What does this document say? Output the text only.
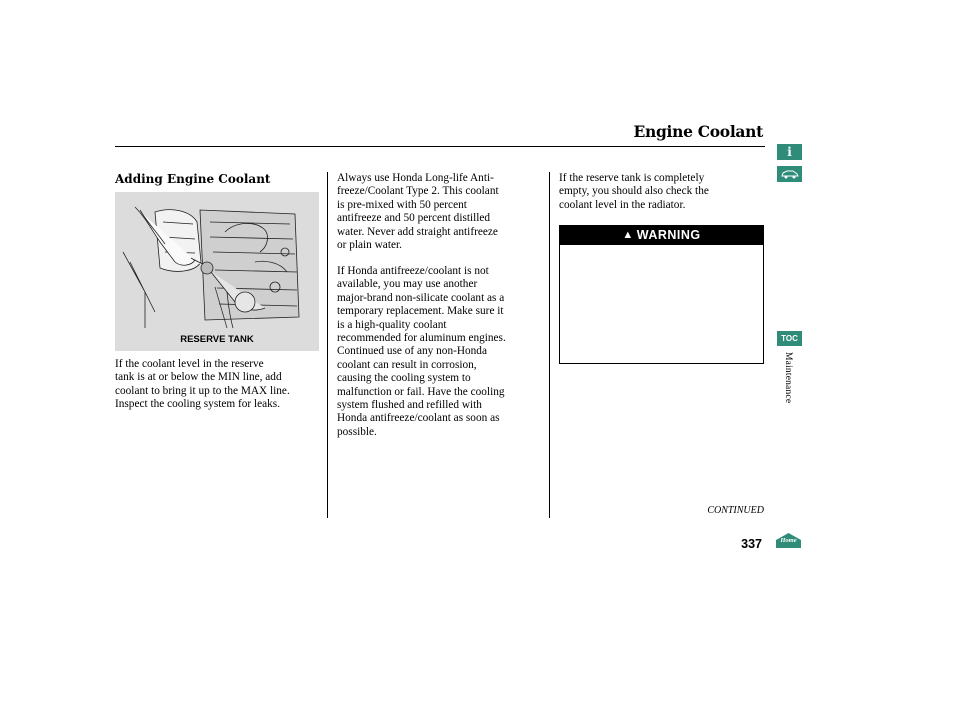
Engine Coolant
Adding Engine Coolant
RESERVE TANK
If the coolant level in the reserve
tank is at or below the MIN line, add
coolant to bring it up to the MAX line.
Inspect the cooling system for leaks.
Always use Honda Long-life Anti-
freeze/Coolant Type 2. This coolant
is pre-mixed with 50 percent
antifreeze and 50 percent distilled
water. Never add straight antifreeze
or plain water.
If Honda antifreeze/coolant is not
available, you may use another
major-brand non-silicate coolant as a
temporary replacement. Make sure it
is a high-quality coolant
recommended for aluminum engines.
Continued use of any non-Honda
coolant can result in corrosion,
causing the cooling system to
malfunction or fail. Have the cooling
system flushed and refilled with
Honda antifreeze/coolant as soon as
possible.
If the reserve tank is completely
empty, you should also check the
coolant level in the radiator.
▲ WARNING
CONTINUED
337
i
TOC
Maintenance
Home
